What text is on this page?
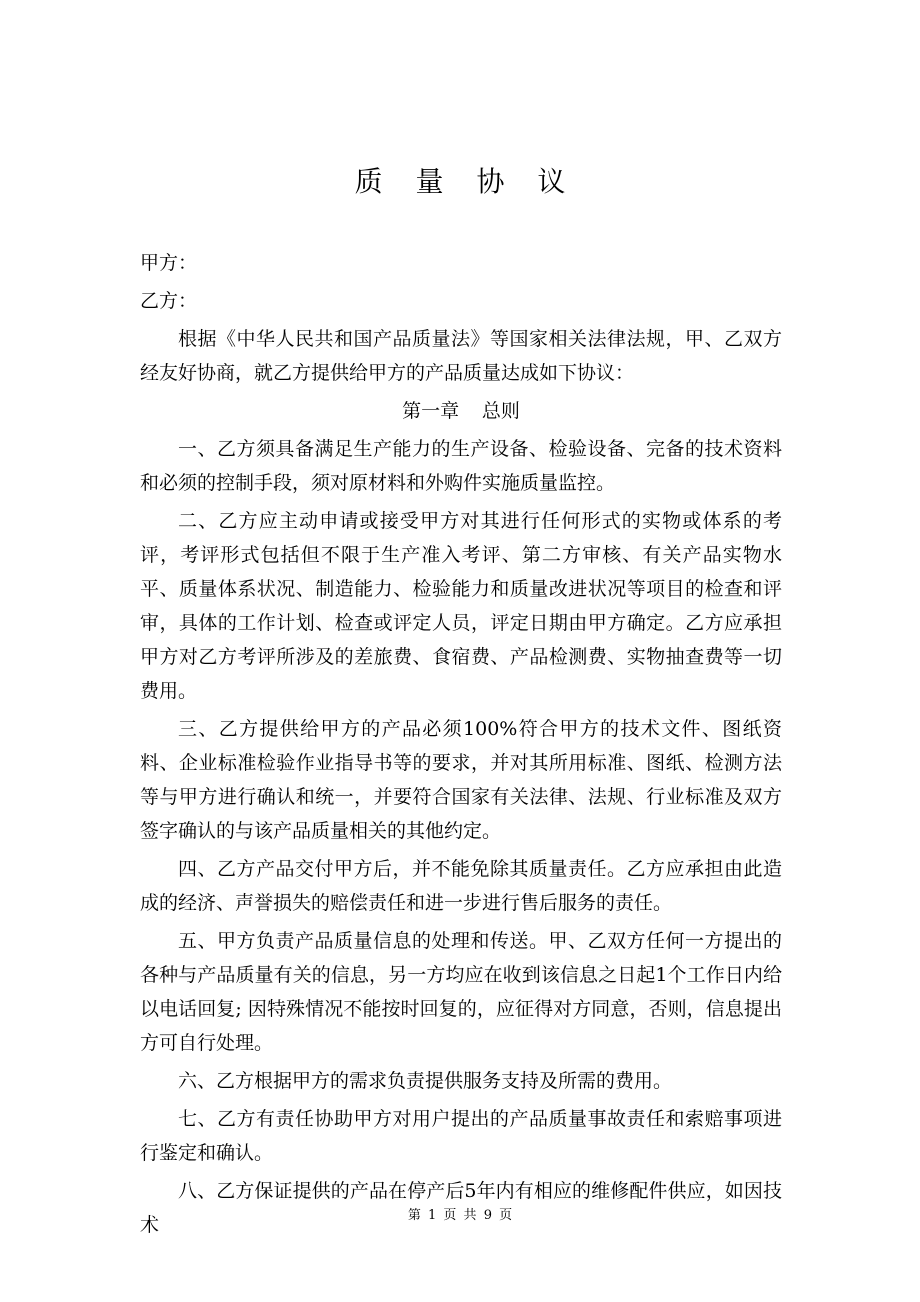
质 量 协 议

甲方：

乙方：

根据《中华人民共和国产品质量法》等国家相关法律法规，甲、乙双方经友好协商，就乙方提供给甲方的产品质量达成如下协议：

第一章 总则

一、乙方须具备满足生产能力的生产设备、检验设备、完备的技术资料和必须的控制手段，须对原材料和外购件实施质量监控。

二、乙方应主动申请或接受甲方对其进行任何形式的实物或体系的考评，考评形式包括但不限于生产准入考评、第二方审核、有关产品实物水平、质量体系状况、制造能力、检验能力和质量改进状况等项目的检查和评审，具体的工作计划、检查或评定人员，评定日期由甲方确定。乙方应承担甲方对乙方考评所涉及的差旅费、食宿费、产品检测费、实物抽查费等一切费用。

三、乙方提供给甲方的产品必须100%符合甲方的技术文件、图纸资料、企业标准检验作业指导书等的要求，并对其所用标准、图纸、检测方法等与甲方进行确认和统一，并要符合国家有关法律、法规、行业标准及双方签字确认的与该产品质量相关的其他约定。

四、乙方产品交付甲方后，并不能免除其质量责任。乙方应承担由此造成的经济、声誉损失的赔偿责任和进一步进行售后服务的责任。

五、甲方负责产品质量信息的处理和传送。甲、乙双方任何一方提出的各种与产品质量有关的信息，另一方均应在收到该信息之日起1个工作日内给以电话回复; 因特殊情况不能按时回复的，应征得对方同意，否则，信息提出方可自行处理。

六、乙方根据甲方的需求负责提供服务支持及所需的费用。

七、乙方有责任协助甲方对用户提出的产品质量事故责任和索赔事项进行鉴定和确认。

八、乙方保证提供的产品在停产后5年内有相应的维修配件供应，如因技术	第 1 页 共 9 页
